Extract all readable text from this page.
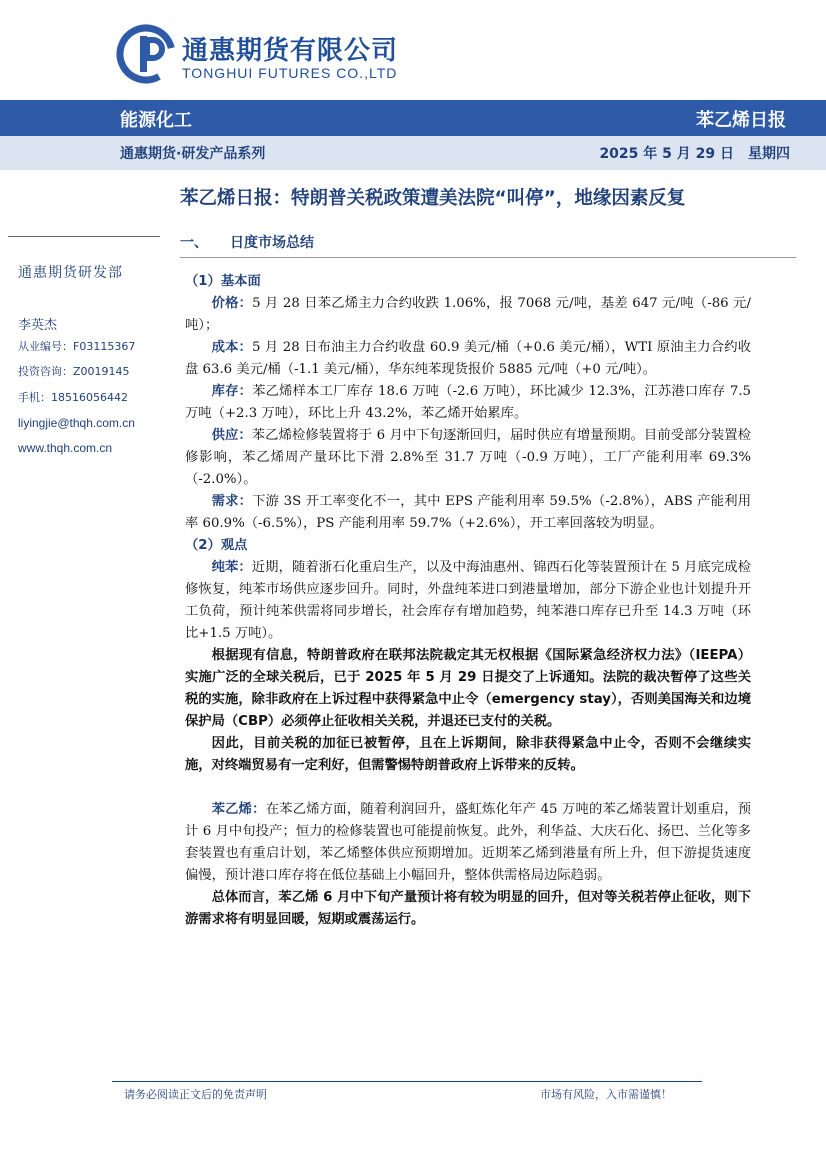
通惠期货有限公司
TONGHUI FUTURES CO.,LTD
能源化工	苯乙烯日报
通惠期货·研发产品系列	2025 年 5 月 29 日 星期四
苯乙烯日报：特朗普关税政策遭美法院“叫停”，地缘因素反复
一、 日度市场总结
通惠期货研发部
李英杰
从业编号：F03115367
投资咨询：Z0019145
手机：18516056442
liyingjie@thqh.com.cn
www.thqh.com.cn

（1）基本面

价格：5 月 28 日苯乙烯主力合约收跌 1.06%，报 7068 元/吨，基差 647 元/吨（-86 元/吨）；

成本：5 月 28 日布油主力合约收盘 60.9 美元/桶（+0.6 美元/桶），WTI 原油主力合约收盘 63.6 美元/桶（-1.1 美元/桶），华东纯苯现货报价 5885 元/吨（+0 元/吨）。

库存：苯乙烯样本工厂库存 18.6 万吨（-2.6 万吨），环比减少 12.3%，江苏港口库存 7.5 万吨（+2.3 万吨），环比上升 43.2%，苯乙烯开始累库。

供应：苯乙烯检修装置将于 6 月中下旬逐渐回归，届时供应有增量预期。目前受部分装置检修影响，苯乙烯周产量环比下滑 2.8%至 31.7 万吨（-0.9 万吨），工厂产能利用率 69.3%（-2.0%）。

需求：下游 3S 开工率变化不一，其中 EPS 产能利用率 59.5%（-2.8%），ABS 产能利用率 60.9%（-6.5%），PS 产能利用率 59.7%（+2.6%），开工率回落较为明显。

（2）观点

纯苯：近期，随着浙石化重启生产，以及中海油惠州、锦西石化等装置预计在 5 月底完成检修恢复，纯苯市场供应逐步回升。同时，外盘纯苯进口到港量增加，部分下游企业也计划提升开工负荷，预计纯苯供需将同步增长，社会库存有增加趋势，纯苯港口库存已升至 14.3 万吨（环比+1.5 万吨）。

根据现有信息，特朗普政府在联邦法院裁定其无权根据《国际紧急经济权力法》（IEEPA）实施广泛的全球关税后，已于 2025 年 5 月 29 日提交了上诉通知。法院的裁决暂停了这些关税的实施，除非政府在上诉过程中获得紧急中止令（emergency stay），否则美国海关和边境保护局（CBP）必须停止征收相关关税，并退还已支付的关税。

因此，目前关税的加征已被暂停，且在上诉期间，除非获得紧急中止令，否则不会继续实施，对终端贸易有一定利好，但需警惕特朗普政府上诉带来的反转。

苯乙烯：在苯乙烯方面，随着利润回升，盛虹炼化年产 45 万吨的苯乙烯装置计划重启，预计 6 月中旬投产；恒力的检修装置也可能提前恢复。此外，利华益、大庆石化、扬巴、兰化等多套装置也有重启计划，苯乙烯整体供应预期增加。近期苯乙烯到港量有所上升，但下游提货速度偏慢，预计港口库存将在低位基础上小幅回升，整体供需格局边际趋弱。

总体而言，苯乙烯 6 月中下旬产量预计将有较为明显的回升，但对等关税若停止征收，则下游需求将有明显回暖，短期或震荡运行。

请务必阅读正文后的免责声明	市场有风险，入市需谨慎！
